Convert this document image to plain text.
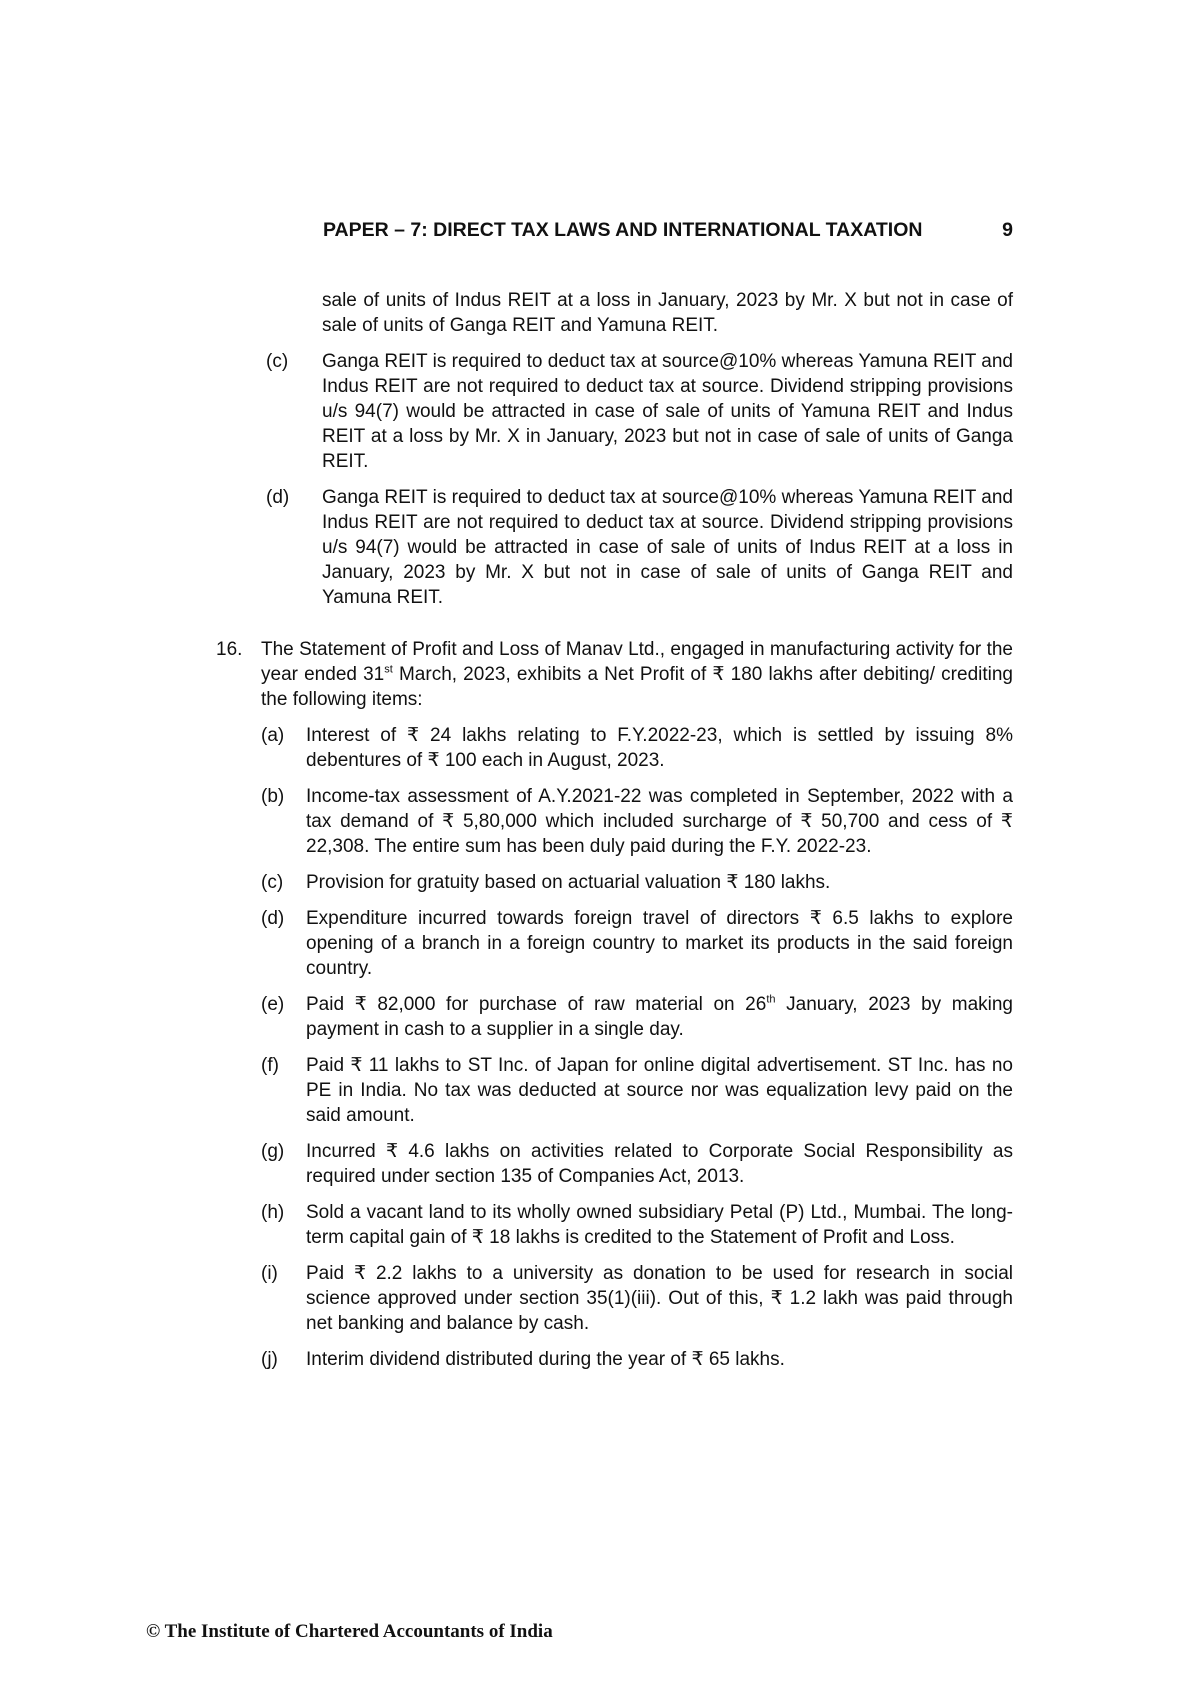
PAPER – 7: DIRECT TAX LAWS AND INTERNATIONAL TAXATION	9
sale of units of Indus REIT at a loss in January, 2023 by Mr. X but not in case of sale of units of Ganga REIT and Yamuna REIT.
(c)	Ganga REIT is required to deduct tax at source@10% whereas Yamuna REIT and Indus REIT are not required to deduct tax at source. Dividend stripping provisions u/s 94(7) would be attracted in case of sale of units of Yamuna REIT and Indus REIT at a loss by Mr. X in January, 2023 but not in case of sale of units of Ganga REIT.
(d)	Ganga REIT is required to deduct tax at source@10% whereas Yamuna REIT and Indus REIT are not required to deduct tax at source. Dividend stripping provisions u/s 94(7) would be attracted in case of sale of units of Indus REIT at a loss in January, 2023 by Mr. X but not in case of sale of units of Ganga REIT and Yamuna REIT.
16. The Statement of Profit and Loss of Manav Ltd., engaged in manufacturing activity for the year ended 31st March, 2023, exhibits a Net Profit of ₹ 180 lakhs after debiting/ crediting the following items:
(a)	Interest of ₹ 24 lakhs relating to F.Y.2022-23, which is settled by issuing 8% debentures of ₹ 100 each in August, 2023.
(b)	Income-tax assessment of A.Y.2021-22 was completed in September, 2022 with a tax demand of ₹ 5,80,000 which included surcharge of ₹ 50,700 and cess of ₹ 22,308. The entire sum has been duly paid during the F.Y. 2022-23.
(c)	Provision for gratuity based on actuarial valuation ₹ 180 lakhs.
(d)	Expenditure incurred towards foreign travel of directors ₹ 6.5 lakhs to explore opening of a branch in a foreign country to market its products in the said foreign country.
(e)	Paid ₹ 82,000 for purchase of raw material on 26th January, 2023 by making payment in cash to a supplier in a single day.
(f)	Paid ₹ 11 lakhs to ST Inc. of Japan for online digital advertisement. ST Inc. has no PE in India. No tax was deducted at source nor was equalization levy paid on the said amount.
(g)	Incurred ₹ 4.6 lakhs on activities related to Corporate Social Responsibility as required under section 135 of Companies Act, 2013.
(h)	Sold a vacant land to its wholly owned subsidiary Petal (P) Ltd., Mumbai. The long-term capital gain of ₹ 18 lakhs is credited to the Statement of Profit and Loss.
(i)	Paid ₹ 2.2 lakhs to a university as donation to be used for research in social science approved under section 35(1)(iii). Out of this, ₹ 1.2 lakh was paid through net banking and balance by cash.
(j)	Interim dividend distributed during the year of ₹ 65 lakhs.
© The Institute of Chartered Accountants of India
